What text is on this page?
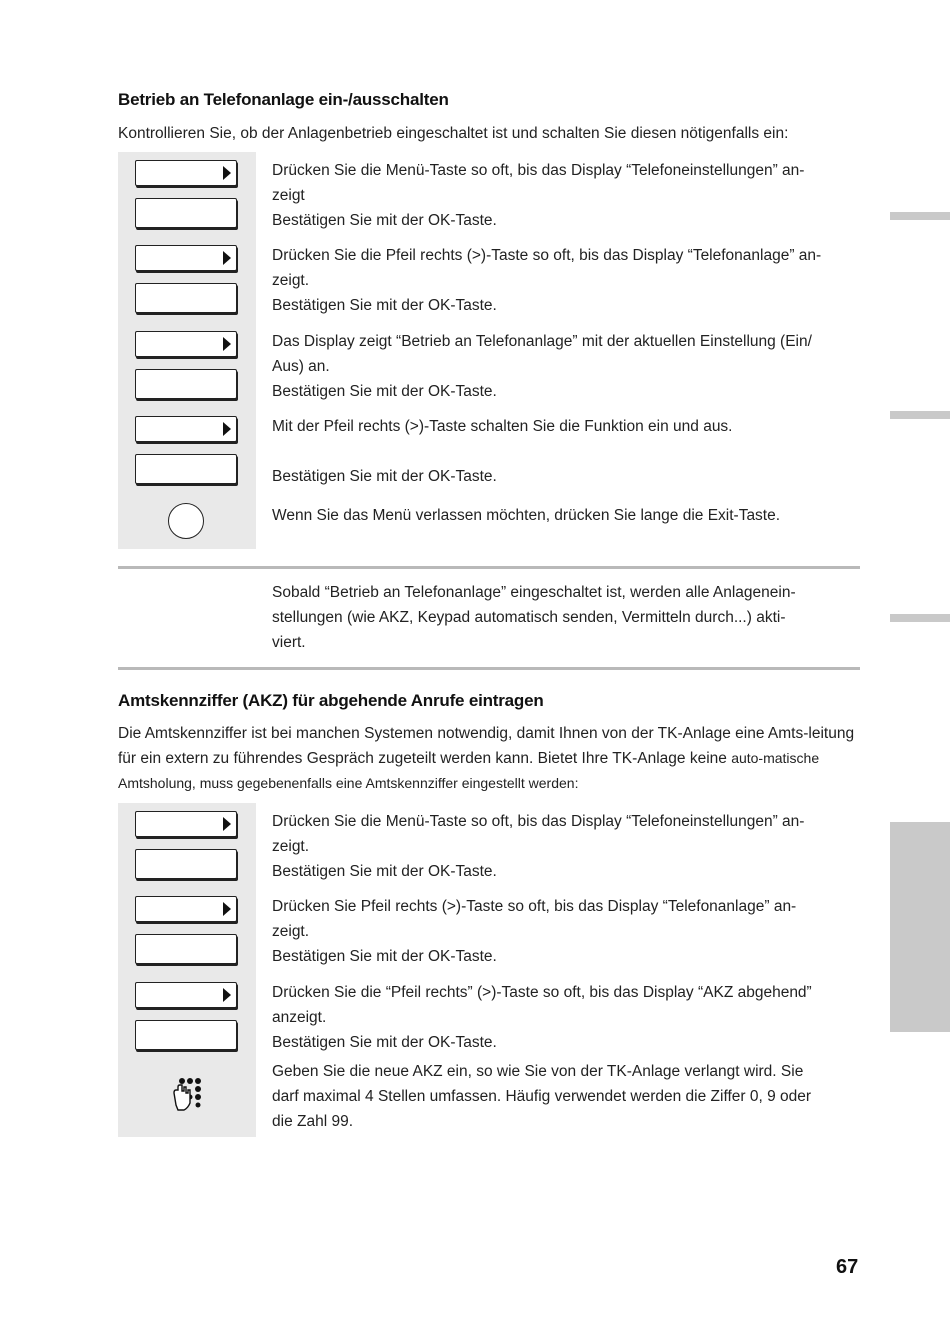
Betrieb an Telefonanlage ein-/ausschalten

Kontrollieren Sie, ob der Anlagenbetrieb eingeschaltet ist und schalten Sie diesen nötigenfalls ein:

Drücken Sie die Menü-Taste so oft, bis das Display “Telefoneinstellungen” an-
zeigt
Bestätigen Sie mit der OK-Taste.
Drücken Sie die Pfeil rechts (>)-Taste so oft, bis das Display “Telefonanlage” an-
zeigt.
Bestätigen Sie mit der OK-Taste.
Das Display zeigt “Betrieb an Telefonanlage” mit der aktuellen Einstellung (Ein/
Aus) an.
Bestätigen Sie mit der OK-Taste.
Mit der Pfeil rechts (>)-Taste schalten Sie die Funktion ein und aus.

Bestätigen Sie mit der OK-Taste.
Wenn Sie das Menü verlassen möchten, drücken Sie lange die Exit-Taste.
Sobald “Betrieb an Telefonanlage” eingeschaltet ist, werden alle Anlagenein-
stellungen (wie AKZ, Keypad automatisch senden, Vermitteln durch...) akti-
viert.
Amtskennziffer (AKZ) für abgehende Anrufe eintragen

Die Amtskennziffer ist bei manchen Systemen notwendig, damit Ihnen von der TK-Anlage eine Amts-leitung für ein extern zu führendes Gespräch zugeteilt werden kann. Bietet Ihre TK-Anlage keine auto-matische Amtsholung, muss gegebenenfalls eine Amtskennziffer eingestellt werden:

Drücken Sie die Menü-Taste so oft, bis das Display “Telefoneinstellungen” an-
zeigt.
Bestätigen Sie mit der OK-Taste.
Drücken Sie Pfeil rechts (>)-Taste so oft, bis das Display “Telefonanlage” an-
zeigt.
Bestätigen Sie mit der OK-Taste.
Drücken Sie die “Pfeil rechts” (>)-Taste so oft, bis das Display “AKZ abgehend”
anzeigt.
Bestätigen Sie mit der OK-Taste.
Geben Sie die neue AKZ ein, so wie Sie von der TK-Anlage verlangt wird. Sie
darf maximal 4 Stellen umfassen. Häufig verwendet werden die Ziffer 0, 9 oder
die Zahl 99.
67
